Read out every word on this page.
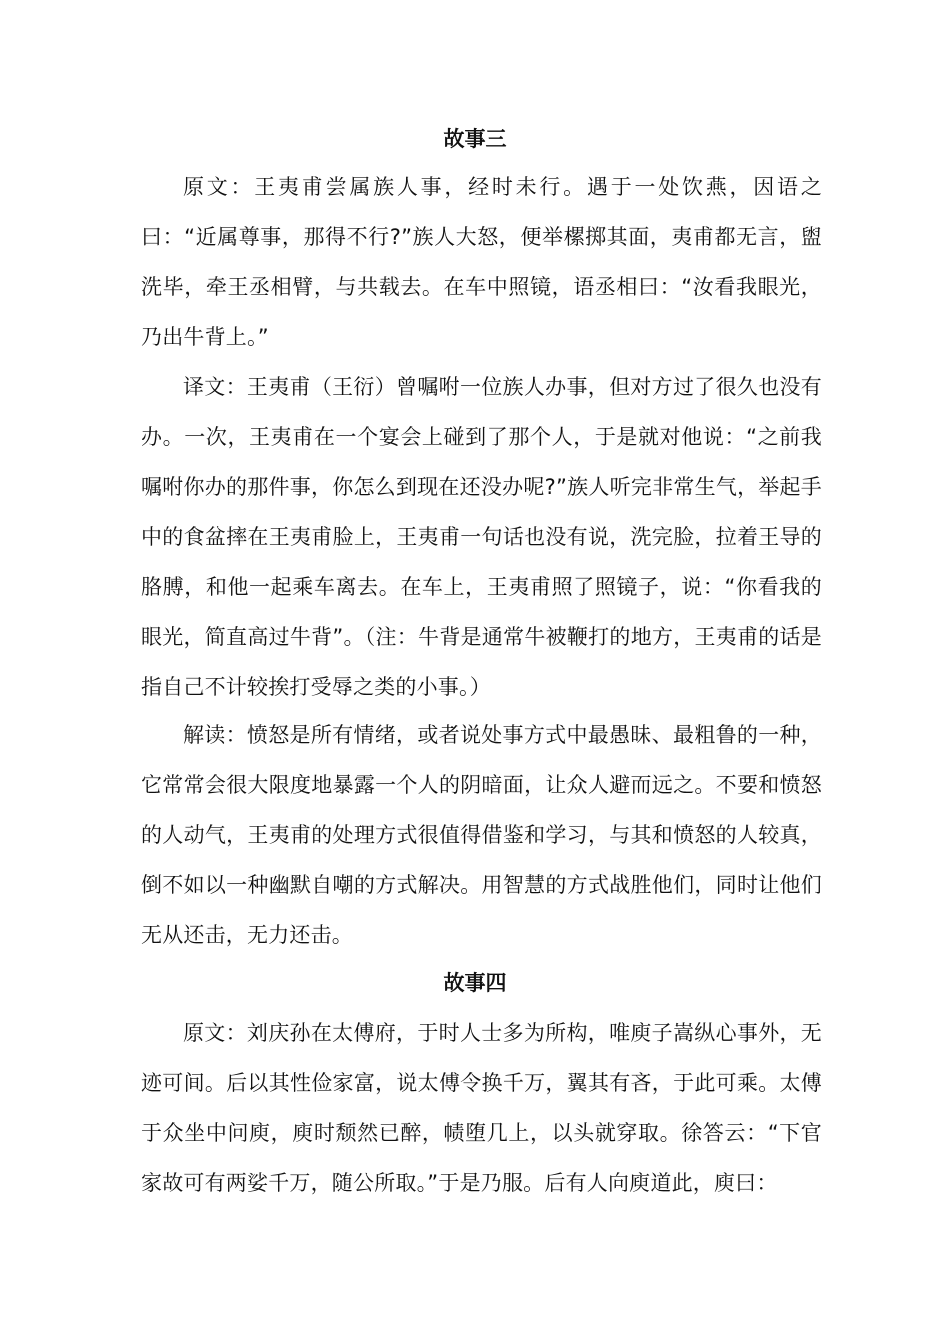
故事三
原文：王夷甫尝属族人事，经时未行。遇于一处饮燕，因语之曰：“近属尊事，那得不行?”族人大怒，便举樏掷其面，夷甫都无言，盥洗毕，牵王丞相臂，与共载去。在车中照镜，语丞相曰：“汝看我眼光，乃出牛背上。”
译文：王夷甫（王衍）曾嘱咐一位族人办事，但对方过了很久也没有办。一次，王夷甫在一个宴会上碰到了那个人，于是就对他说：“之前我嘱咐你办的那件事，你怎么到现在还没办呢?”族人听完非常生气，举起手中的食盆摔在王夷甫脸上，王夷甫一句话也没有说，洗完脸，拉着王导的胳膊，和他一起乘车离去。在车上，王夷甫照了照镜子，说：“你看我的眼光，简直高过牛背”。（注：牛背是通常牛被鞭打的地方，王夷甫的话是指自己不计较挨打受辱之类的小事。）
解读：愤怒是所有情绪，或者说处事方式中最愚昧、最粗鲁的一种，它常常会很大限度地暴露一个人的阴暗面，让众人避而远之。不要和愤怒的人动气，王夷甫的处理方式很值得借鉴和学习，与其和愤怒的人较真，倒不如以一种幽默自嘲的方式解决。用智慧的方式战胜他们，同时让他们无从还击，无力还击。
故事四
原文：刘庆孙在太傅府，于时人士多为所构，唯庾子嵩纵心事外，无迹可间。后以其性俭家富，说太傅令换千万，翼其有吝，于此可乘。太傅于众坐中问庾，庾时颓然已醉，帻堕几上，以头就穿取。徐答云：“下官家故可有两娑千万，随公所取。”于是乃服。后有人向庾道此，庾曰：
